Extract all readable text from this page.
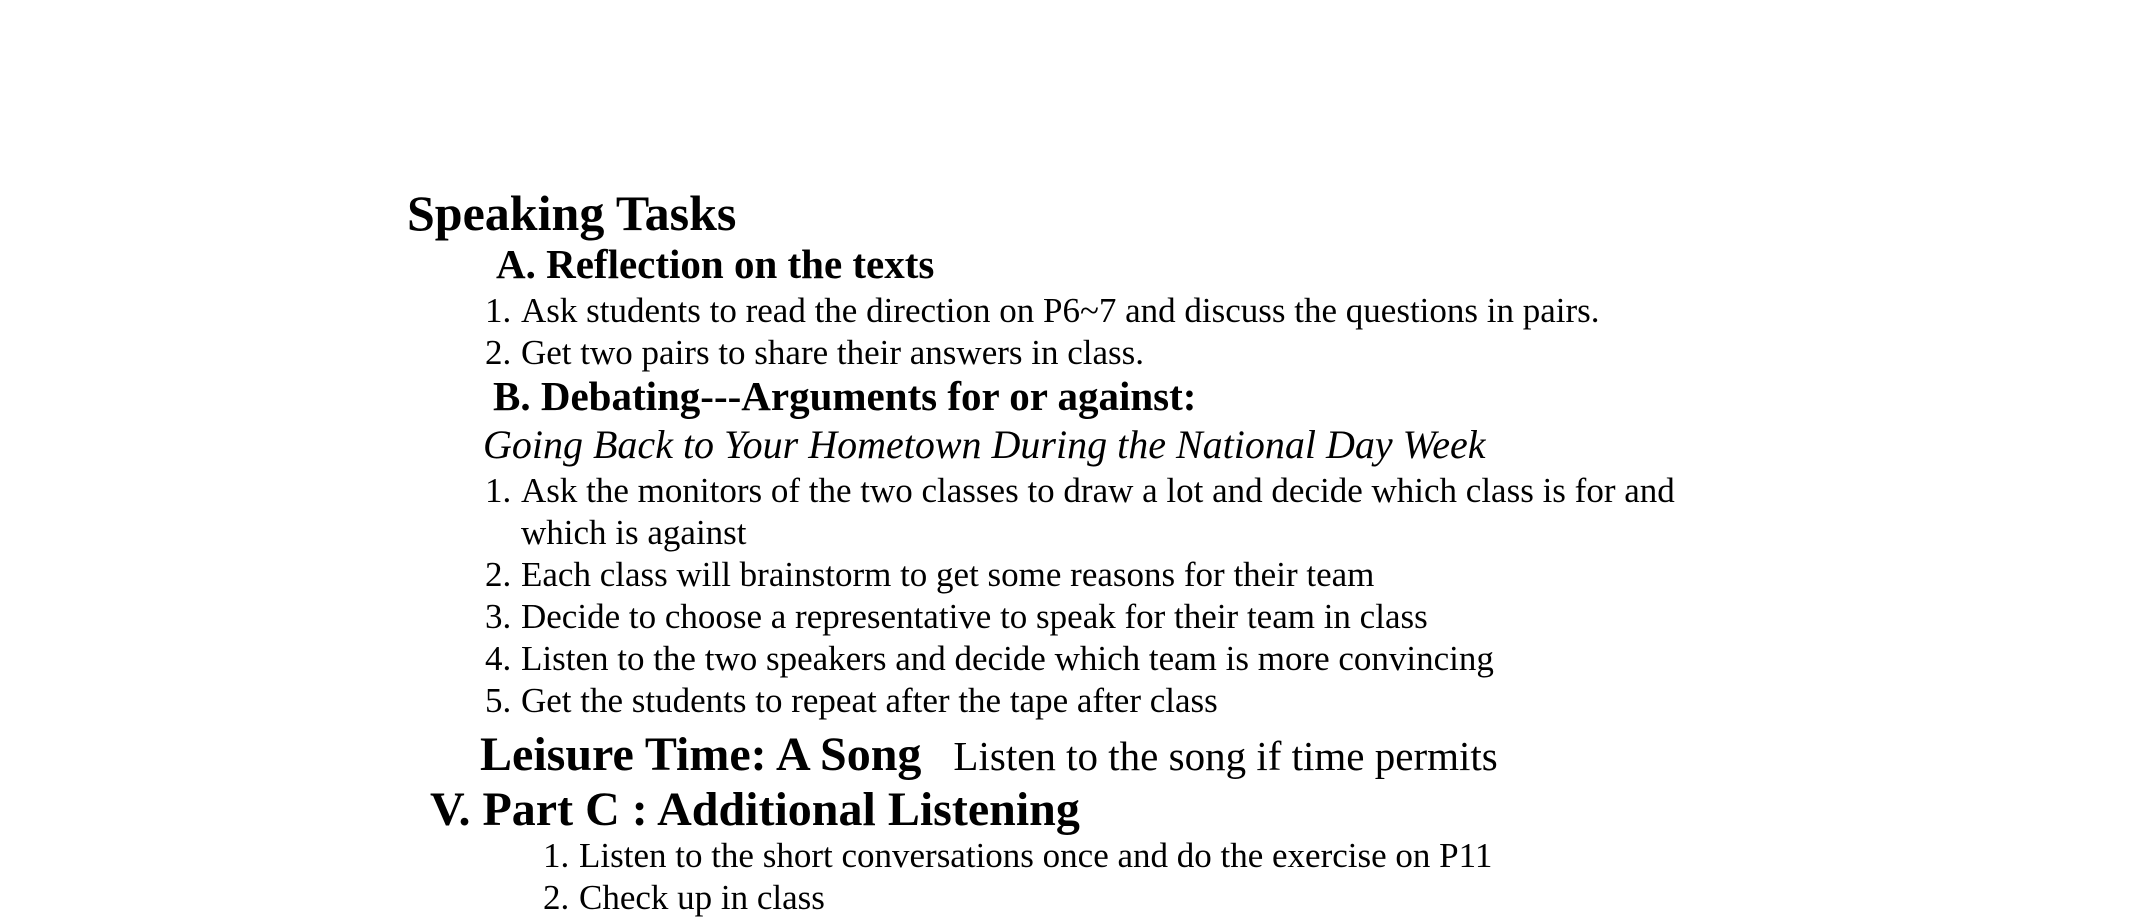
Speaking Tasks
A. Reflection on the texts
1. Ask students to read the direction on P6~7 and discuss the questions in pairs.
2. Get two pairs to share their answers in class.
B. Debating---Arguments for or against:
Going Back to Your Hometown During the National Day Week
1. Ask the monitors of the two classes to draw a lot and decide which class is for and
which is against
2. Each class will brainstorm to get some reasons for their team
3. Decide to choose a representative to speak for their team in class
4. Listen to the two speakers and decide which team is more convincing
5. Get the students to repeat after the tape after class
Leisure Time: A Song Listen to the song if time permits
V. Part C : Additional Listening
1. Listen to the short conversations once and do the exercise on P11
2. Check up in class
